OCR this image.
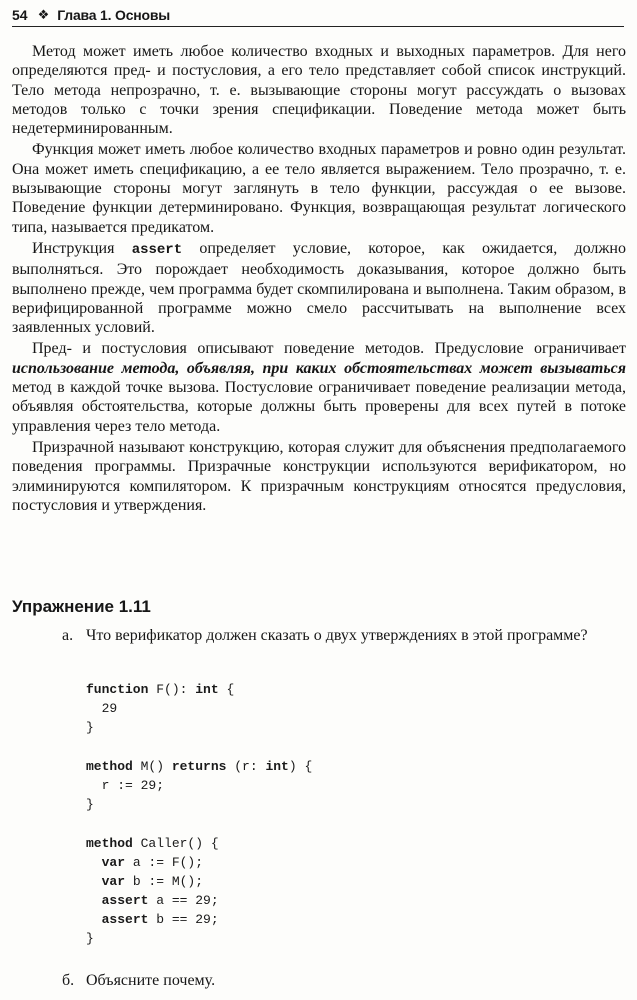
54 ❖ Глава 1. Основы

Метод может иметь любое количество входных и выходных параметров. Для него определяются пред- и постусловия, а его тело представляет собой список инструкций. Тело метода непрозрачно, т. е. вызывающие стороны могут рассуждать о вызовах методов только с точки зрения спецификации. Поведение метода может быть недетерминированным.

Функция может иметь любое количество входных параметров и ровно один результат. Она может иметь спецификацию, а ее тело является выражением. Тело прозрачно, т. е. вызывающие стороны могут заглянуть в тело функции, рассуждая о ее вызове. Поведение функции детерминировано. Функция, возвращающая результат логического типа, называется предикатом.

Инструкция assert определяет условие, которое, как ожидается, должно выполняться. Это порождает необходимость доказывания, которое должно быть выполнено прежде, чем программа будет скомпилирована и выполнена. Таким образом, в верифицированной программе можно смело рассчитывать на выполнение всех заявленных условий.

Пред- и постусловия описывают поведение методов. Предусловие ограничивает использование метода, объявляя, при каких обстоятельствах может вызываться метод в каждой точке вызова. Постусловие ограничивает поведение реализации метода, объявляя обстоятельства, которые должны быть проверены для всех путей в потоке управления через тело метода.

Призрачной называют конструкцию, которая служит для объяснения предполагаемого поведения программы. Призрачные конструкции используются верификатором, но элиминируются компилятором. К призрачным конструкциям относятся предусловия, постусловия и утверждения.

Упражнение 1.11
а. Что верификатор должен сказать о двух утверждениях в этой программе?
function F(): int {
29
}

method M() returns (r: int) {
r := 29;
}

method Caller() {
var a := F();
var b := M();
assert a == 29;
assert b == 29;
}
б. Объясните почему.
